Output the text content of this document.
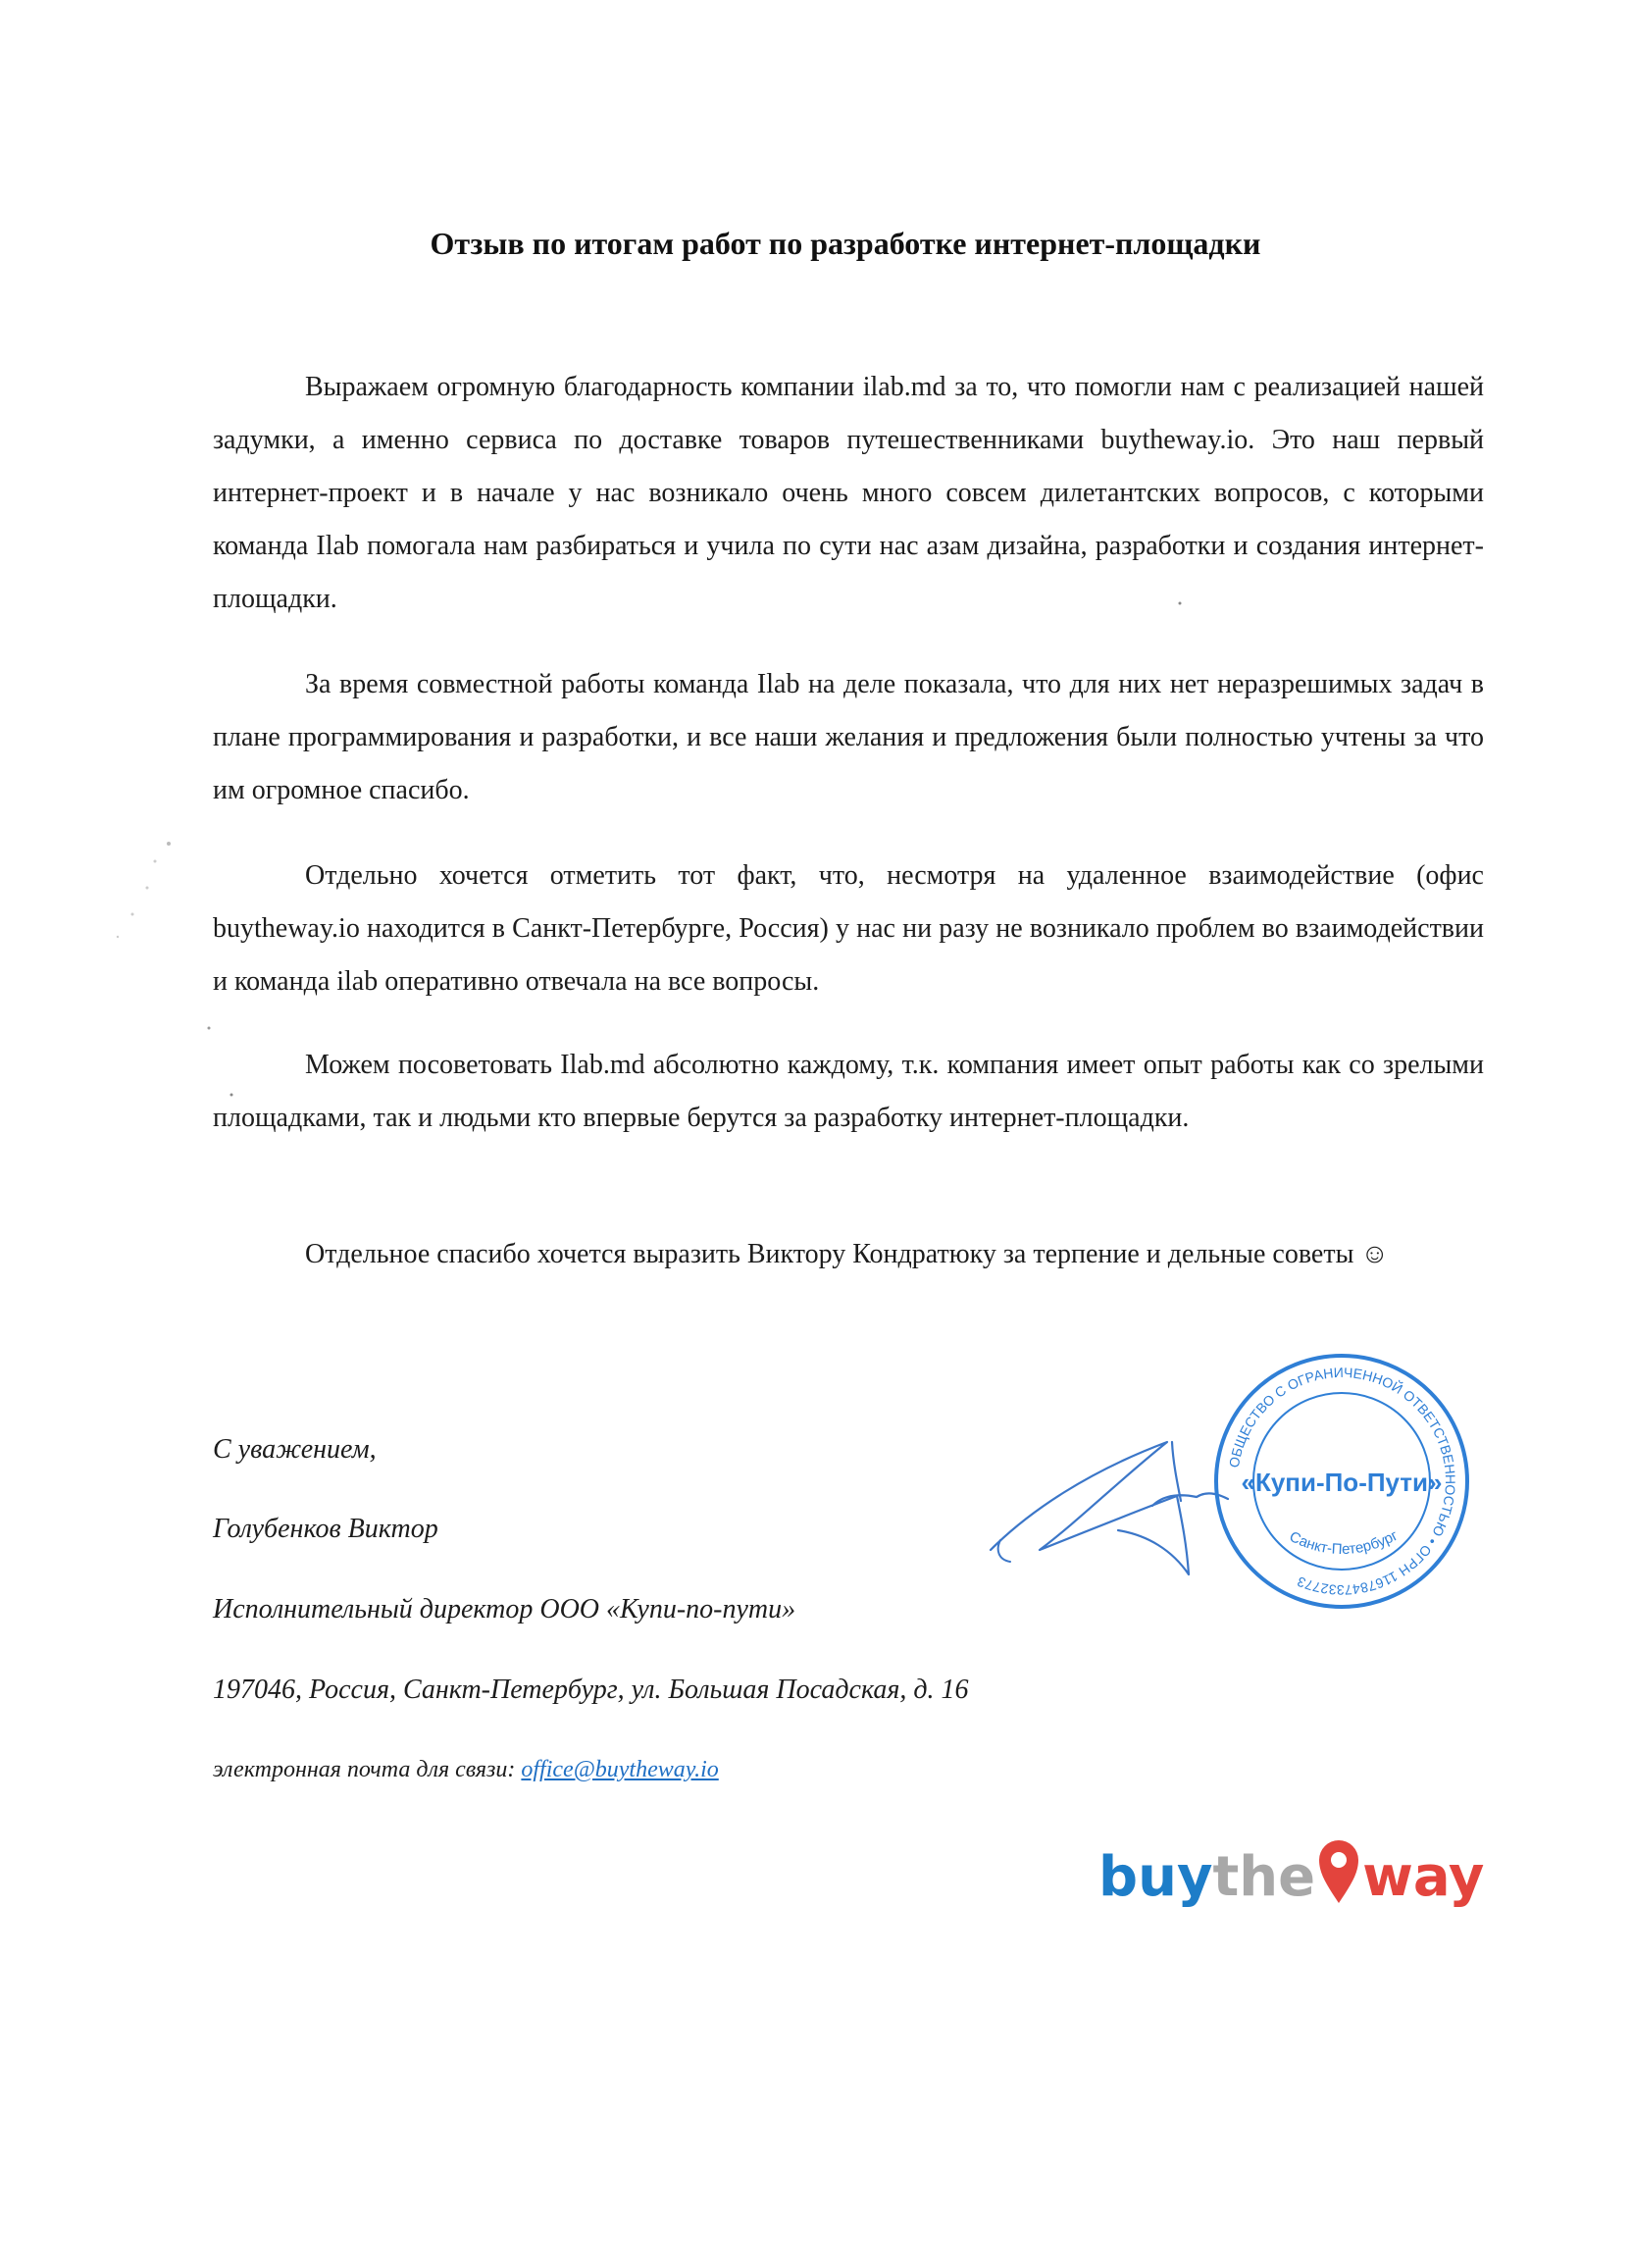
Отзыв по итогам работ по разработке интернет-площадки

Выражаем огромную благодарность компании ilab.md за то, что помогли нам с реализацией нашей задумки, а именно сервиса по доставке товаров путешественниками buytheway.io. Это наш первый интернет-проект и в начале у нас возникало очень много совсем дилетантских вопросов, с которыми команда Ilab помогала нам разбираться и учила по сути нас азам дизайна, разработки и создания интернет-площадки.

За время совместной работы команда Ilab на деле показала, что для них нет неразрешимых задач в плане программирования и разработки, и все наши желания и предложения были полностью учтены за что им огромное спасибо.

Отдельно хочется отметить тот факт, что, несмотря на удаленное взаимодействие (офис buytheway.io находится в Санкт-Петербурге, Россия) у нас ни разу не возникало проблем во взаимодействии и команда ilab оперативно отвечала на все вопросы.

Можем посоветовать Ilab.md абсолютно каждому, т.к. компания имеет опыт работы как со зрелыми площадками, так и людьми кто впервые берутся за разработку интернет-площадки.

Отдельное спасибо хочется выразить Виктору Кондратюку за терпение и дельные советы ☺

С уважением,
Голубенков Виктор
Исполнительный директор ООО «Купи-по-пути»
197046, Россия, Санкт-Петербург, ул. Большая Посадская, д. 16
электронная почта для связи: office@buytheway.io
ОБЩЕСТВО С ОГРАНИЧЕННОЙ ОТВЕТСТВЕННОСТЬЮ • ОГРН 1167847332773
«Купи-По-Пути»
Санкт-Петербург
buythe way
